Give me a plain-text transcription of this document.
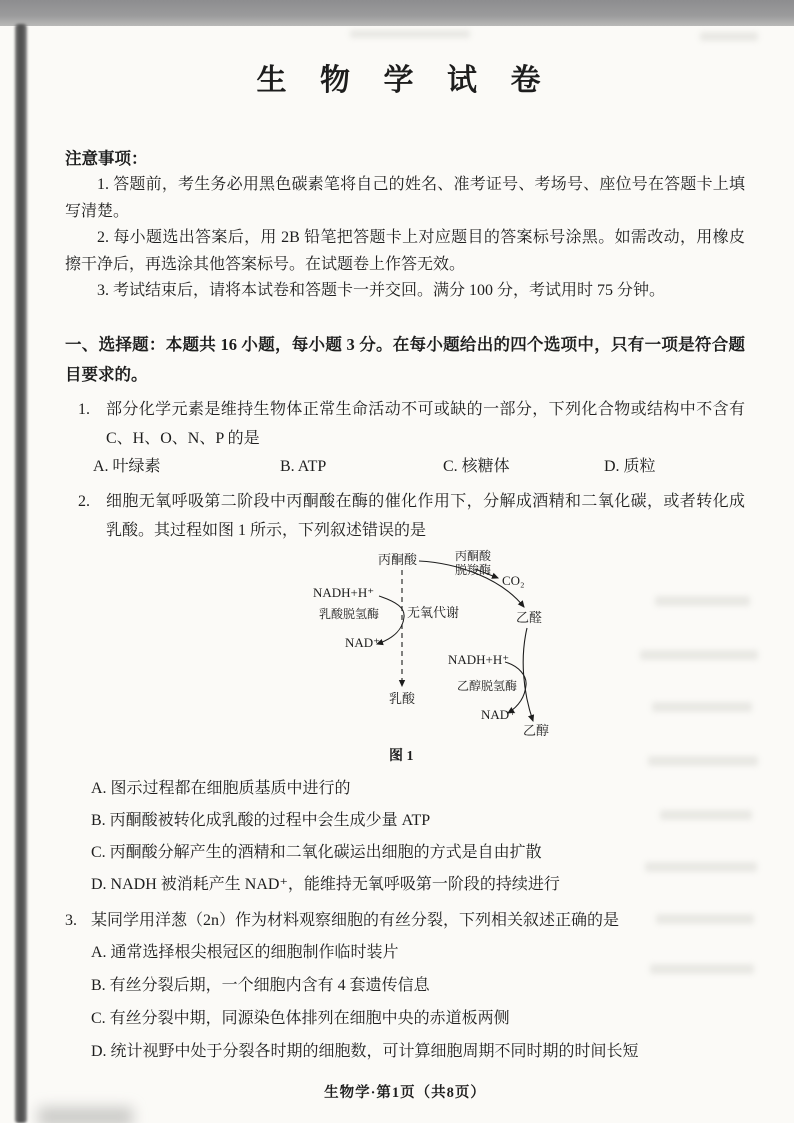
生 物 学 试 卷
注意事项：

1. 答题前，考生务必用黑色碳素笔将自己的姓名、准考证号、考场号、座位号在答题卡上填写清楚。

2. 每小题选出答案后，用 2B 铅笔把答题卡上对应题目的答案标号涂黑。如需改动，用橡皮擦干净后，再选涂其他答案标号。在试题卷上作答无效。

3. 考试结束后，请将本试卷和答题卡一并交回。满分 100 分，考试用时 75 分钟。

一、选择题：本题共 16 小题，每小题 3 分。在每小题给出的四个选项中，只有一项是符合题目要求的。

1.	部分化学元素是维持生物体正常生命活动不可或缺的一部分，下列化合物或结构中不含有 C、H、O、N、P 的是
A. 叶绿素	B. ATP	C. 核糖体	D. 质粒
2.	细胞无氧呼吸第二阶段中丙酮酸在酶的催化作用下，分解成酒精和二氧化碳，或者转化成乳酸。其过程如图 1 所示，下列叙述错误的是
丙酮酸	丙酮酸
脱羧酶
CO₂
NADH+H⁺
乳酸脱氢酶 无氧代谢	乙醛
NAD⁺
NADH+H⁺
乙醇脱氢酶
乳酸
NAD⁺
乙醇
图 1
A. 图示过程都在细胞质基质中进行的
B. 丙酮酸被转化成乳酸的过程中会生成少量 ATP
C. 丙酮酸分解产生的酒精和二氧化碳运出细胞的方式是自由扩散
D. NADH 被消耗产生 NAD⁺，能维持无氧呼吸第一阶段的持续进行
3. 某同学用洋葱（2n）作为材料观察细胞的有丝分裂，下列相关叙述正确的是
A. 通常选择根尖根冠区的细胞制作临时装片
B. 有丝分裂后期，一个细胞内含有 4 套遗传信息
C. 有丝分裂中期，同源染色体排列在细胞中央的赤道板两侧
D. 统计视野中处于分裂各时期的细胞数，可计算细胞周期不同时期的时间长短
生物学·第1页（共8页）
